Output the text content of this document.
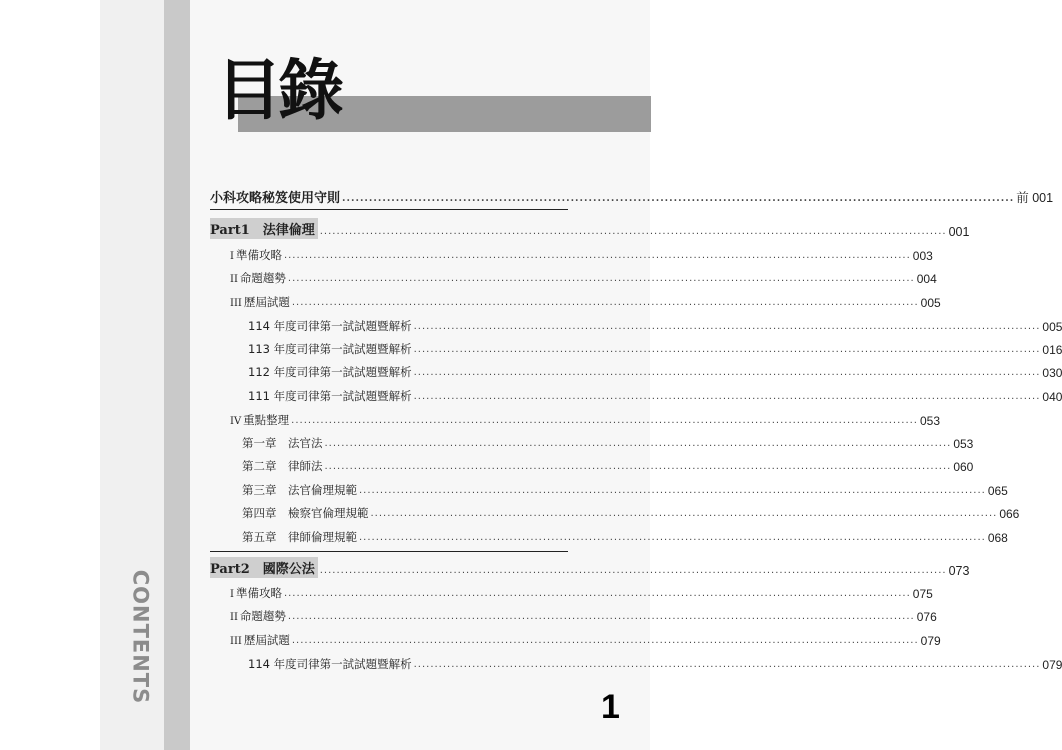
CONTENTS
目錄
小科攻略秘笈使用守則 ...................................................................................................................................................... 前 001
Part1　法律倫理 ...................................................................................................................................................... 001
I 準備攻略 ...................................................................................................................................................... 003
II 命題趨勢 ...................................................................................................................................................... 004
III 歷屆試題 ...................................................................................................................................................... 005
114 年度司律第一試試題暨解析 ...................................................................................................................................................... 005
113 年度司律第一試試題暨解析 ...................................................................................................................................................... 016
112 年度司律第一試試題暨解析 ...................................................................................................................................................... 030
111 年度司律第一試試題暨解析 ...................................................................................................................................................... 040
IV 重點整理 ...................................................................................................................................................... 053
第一章　法官法 ...................................................................................................................................................... 053
第二章　律師法 ...................................................................................................................................................... 060
第三章　法官倫理規範 ...................................................................................................................................................... 065
第四章　檢察官倫理規範 ...................................................................................................................................................... 066
第五章　律師倫理規範 ...................................................................................................................................................... 068
Part2　國際公法 ...................................................................................................................................................... 073
I 準備攻略 ...................................................................................................................................................... 075
II 命題趨勢 ...................................................................................................................................................... 076
III 歷屆試題 ...................................................................................................................................................... 079
114 年度司律第一試試題暨解析 ...................................................................................................................................................... 079
1
